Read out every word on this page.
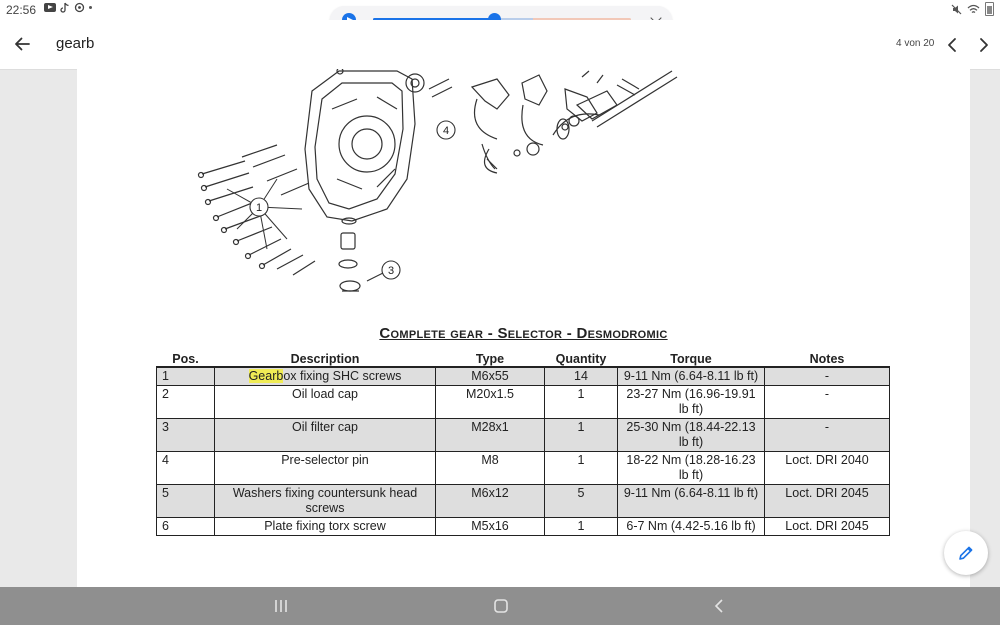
22:56
gearb	4 von 20
1
4
3
Complete gear - Selector - Desmodromic
Pos.	Description	Type	Quantity	Torque	Notes
1	Gearbox fixing SHC screws	M6x55	14	9-11 Nm (6.64-8.11 lb ft)	-
2	Oil load cap	M20x1.5	1	23-27 Nm (16.96-19.91 lb ft)	-
3	Oil filter cap	M28x1	1	25-30 Nm (18.44-22.13 lb ft)	-
4	Pre-selector pin	M8	1	18-22 Nm (18.28-16.23 lb ft)	Loct. DRI 2040
5	Washers fixing countersunk head screws	M6x12	5	9-11 Nm (6.64-8.11 lb ft)	Loct. DRI 2045
6	Plate fixing torx screw	M5x16	1	6-7 Nm (4.42-5.16 lb ft)	Loct. DRI 2045
